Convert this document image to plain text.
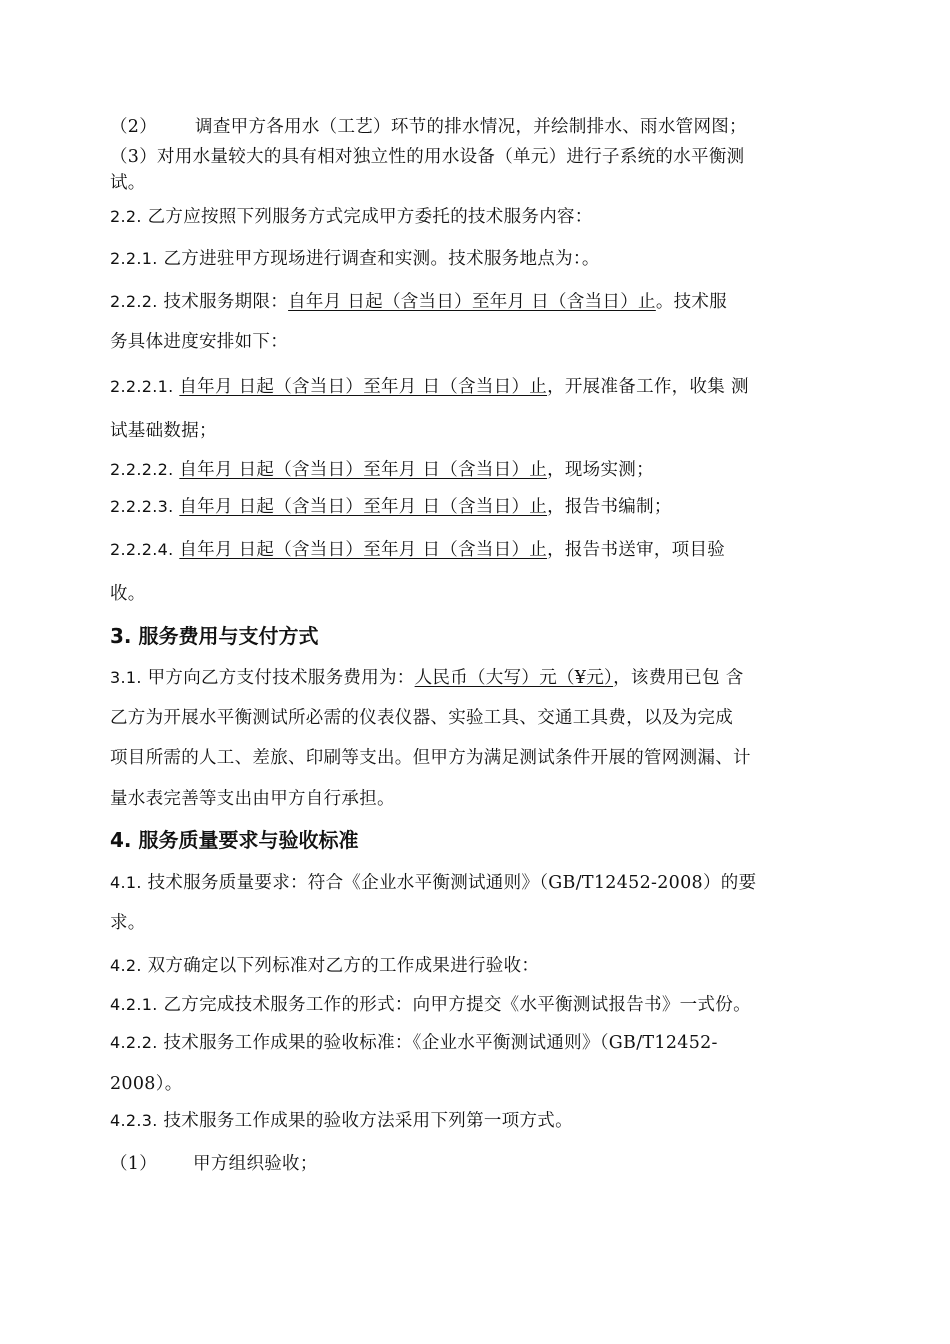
（2） 调查甲方各用水（工艺）环节的排水情况，并绘制排水、雨水管网图；

（3）对用水量较大的具有相对独立性的用水设备（单元）进行子系统的水平衡测

试。

2.2. 乙方应按照下列服务方式完成甲方委托的技术服务内容：

2.2.1. 乙方进驻甲方现场进行调查和实测。技术服务地点为：。

2.2.2. 技术服务期限：自年月 日起（含当日）至年月 日（含当日）止。技术服

务具体进度安排如下：

2.2.2.1. 自年月 日起（含当日）至年月 日（含当日）止，开展准备工作，收集 测

试基础数据；

2.2.2.2. 自年月 日起（含当日）至年月 日（含当日）止，现场实测；

2.2.2.3. 自年月 日起（含当日）至年月 日（含当日）止，报告书编制；

2.2.2.4. 自年月 日起（含当日）至年月 日（含当日）止，报告书送审，项目验

收。

3. 服务费用与支付方式

3.1. 甲方向乙方支付技术服务费用为：人民币（大写）元（¥元），该费用已包 含

乙方为开展水平衡测试所必需的仪表仪器、实验工具、交通工具费，以及为完成

项目所需的人工、差旅、印刷等支出。但甲方为满足测试条件开展的管网测漏、计

量水表完善等支出由甲方自行承担。

4. 服务质量要求与验收标准

4.1. 技术服务质量要求：符合《企业水平衡测试通则》（GB/T12452-2008）的要

求。

4.2. 双方确定以下列标准对乙方的工作成果进行验收：

4.2.1. 乙方完成技术服务工作的形式：向甲方提交《水平衡测试报告书》一式份。

4.2.2. 技术服务工作成果的验收标准：《企业水平衡测试通则》（GB/T12452-

2008）。

4.2.3. 技术服务工作成果的验收方法采用下列第一项方式。

（1） 甲方组织验收；
